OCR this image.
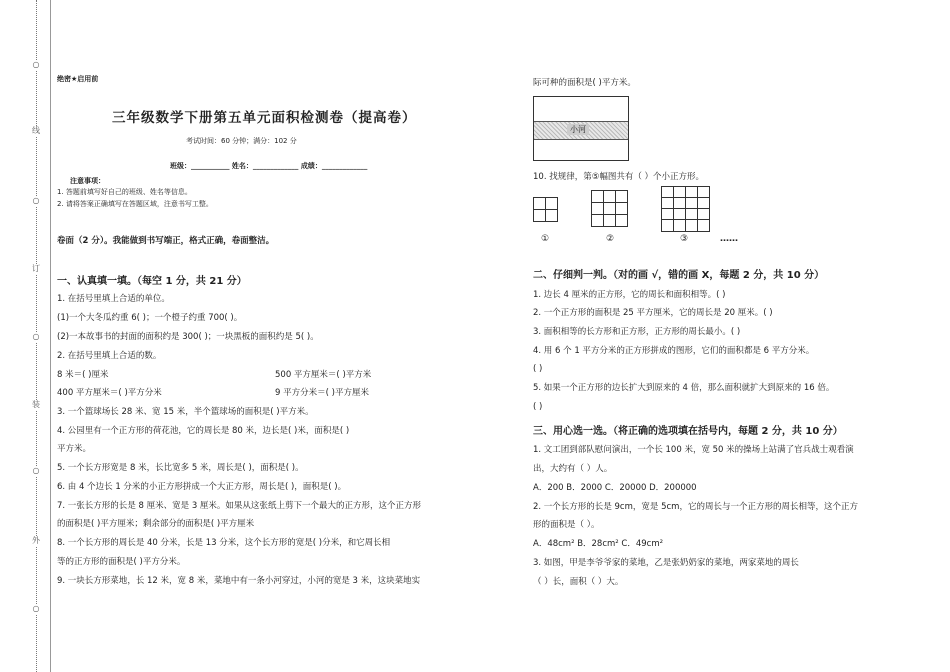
○
线
○
订
○
装
○
外
○
绝密★启用前
三年级数学下册第五单元面积检测卷（提高卷）
考试时间：60 分钟；满分：102 分
班级：___________ 姓名：_____________ 成绩：_____________
注意事项：
1. 答题前填写好自己的班级、姓名等信息。
2. 请将答案正确填写在答题区域，注意书写工整。
卷面（2 分）。我能做到书写端正，格式正确，卷面整洁。
一、认真填一填。（每空 1 分，共 21 分）
1. 在括号里填上合适的单位。
(1)一个大冬瓜约重 6( )；一个橙子约重 700( )。
(2)一本故事书的封面的面积约是 300( )；一块黑板的面积约是 5( )。
2. 在括号里填上合适的数。
8 米＝( )厘米	500 平方厘米＝( )平方米
400 平方厘米＝( )平方分米	9 平方分米＝( )平方厘米
3. 一个篮球场长 28 米、宽 15 米，半个篮球场的面积是( )平方米。
4. 公园里有一个正方形的荷花池，它的周长是 80 米，边长是( )米，面积是( )
平方米。
5. 一个长方形宽是 8 米，长比宽多 5 米，周长是( )，面积是( )。
6. 由 4 个边长 1 分米的小正方形拼成一个大正方形，周长是( )，面积是( )。
7. 一张长方形的长是 8 厘米、宽是 3 厘米。如果从这张纸上剪下一个最大的正方形，这个正方形
的面积是( )平方厘米；剩余部分的面积是( )平方厘米
8. 一个长方形的周长是 40 分米，长是 13 分米，这个长方形的宽是( )分米，和它周长相
等的正方形的面积是( )平方分米。
9. 一块长方形菜地，长 12 米，宽 8 米，菜地中有一条小河穿过，小河的宽是 3 米，这块菜地实
际可种的面积是( )平方米。
小河
10. 找规律，第⑤幅图共有（ ）个小正方形。
①	②	③	……
二、仔细判一判。（对的画 √，错的画 X，每题 2 分，共 10 分）
1. 边长 4 厘米的正方形，它的周长和面积相等。( )
2. 一个正方形的面积是 25 平方厘米，它的周长是 20 厘米。( )
3. 面积相等的长方形和正方形，正方形的周长最小。( )
4. 用 6 个 1 平方分米的正方形拼成的图形，它们的面积都是 6 平方分米。
( )
5. 如果一个正方形的边长扩大到原来的 4 倍，那么面积就扩大到原来的 16 倍。
( )
三、用心选一选。（将正确的选项填在括号内，每题 2 分，共 10 分）
1. 文工团到部队慰问演出，一个长 100 米，宽 50 米的操场上站满了官兵战士观看演
出，大约有（ ）人。
A．200 B．2000 C．20000 D．200000
2. 一个长方形的长是 9cm，宽是 5cm，它的周长与一个正方形的周长相等，这个正方
形的面积是（ ）。
A．48cm² B．28cm² C．49cm²
3. 如图，甲是李爷爷家的菜地，乙是张奶奶家的菜地，两家菜地的周长
（ ）长，面积（ ）大。
